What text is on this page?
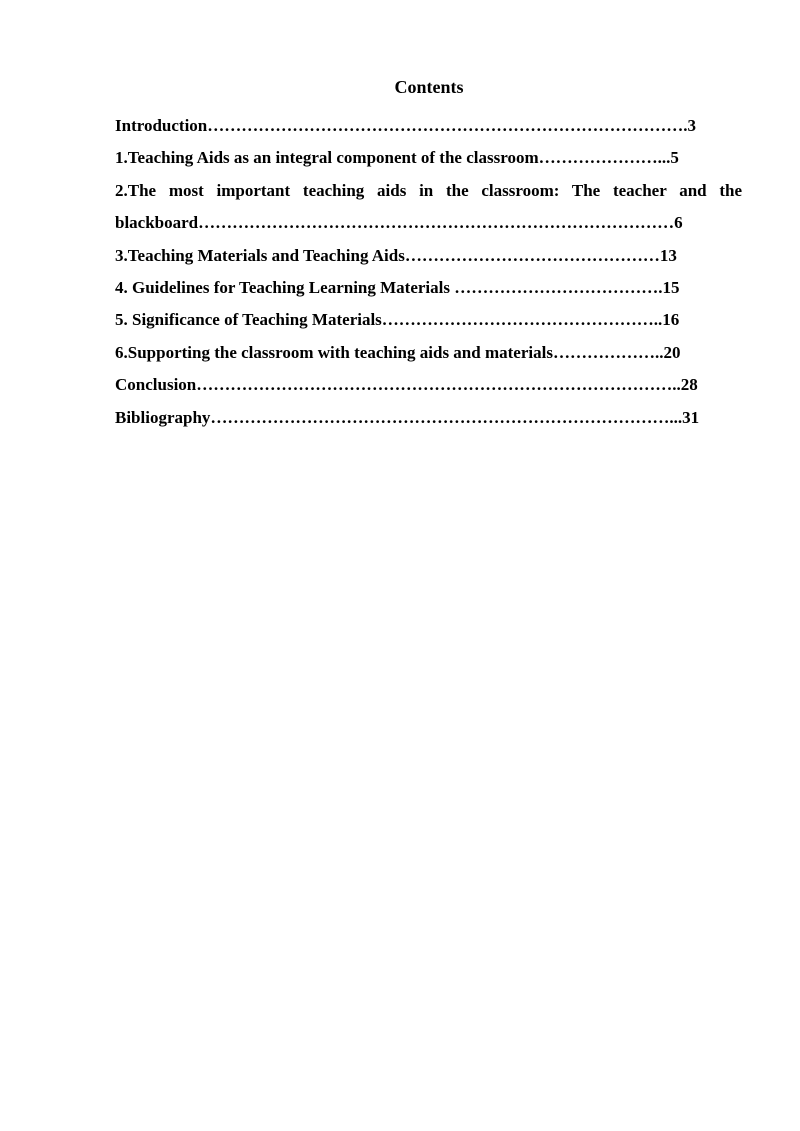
Contents
Introduction………………………………………………………………………….3
1.Teaching Aids as an integral component of the classroom…………………...5
2.The most important teaching aids in the classroom: The teacher and the
blackboard…………………………………………………………………………6
3.Teaching Materials and Teaching Aids………………………………………13
4. Guidelines for Teaching Learning Materials ……………………………….15
5. Significance of Teaching Materials…………………………………………..16
6.Supporting the classroom with teaching aids and materials………………..20
Conclusion…………………………………………………………………………..28
Bibliography………………………………………………………………………...31
